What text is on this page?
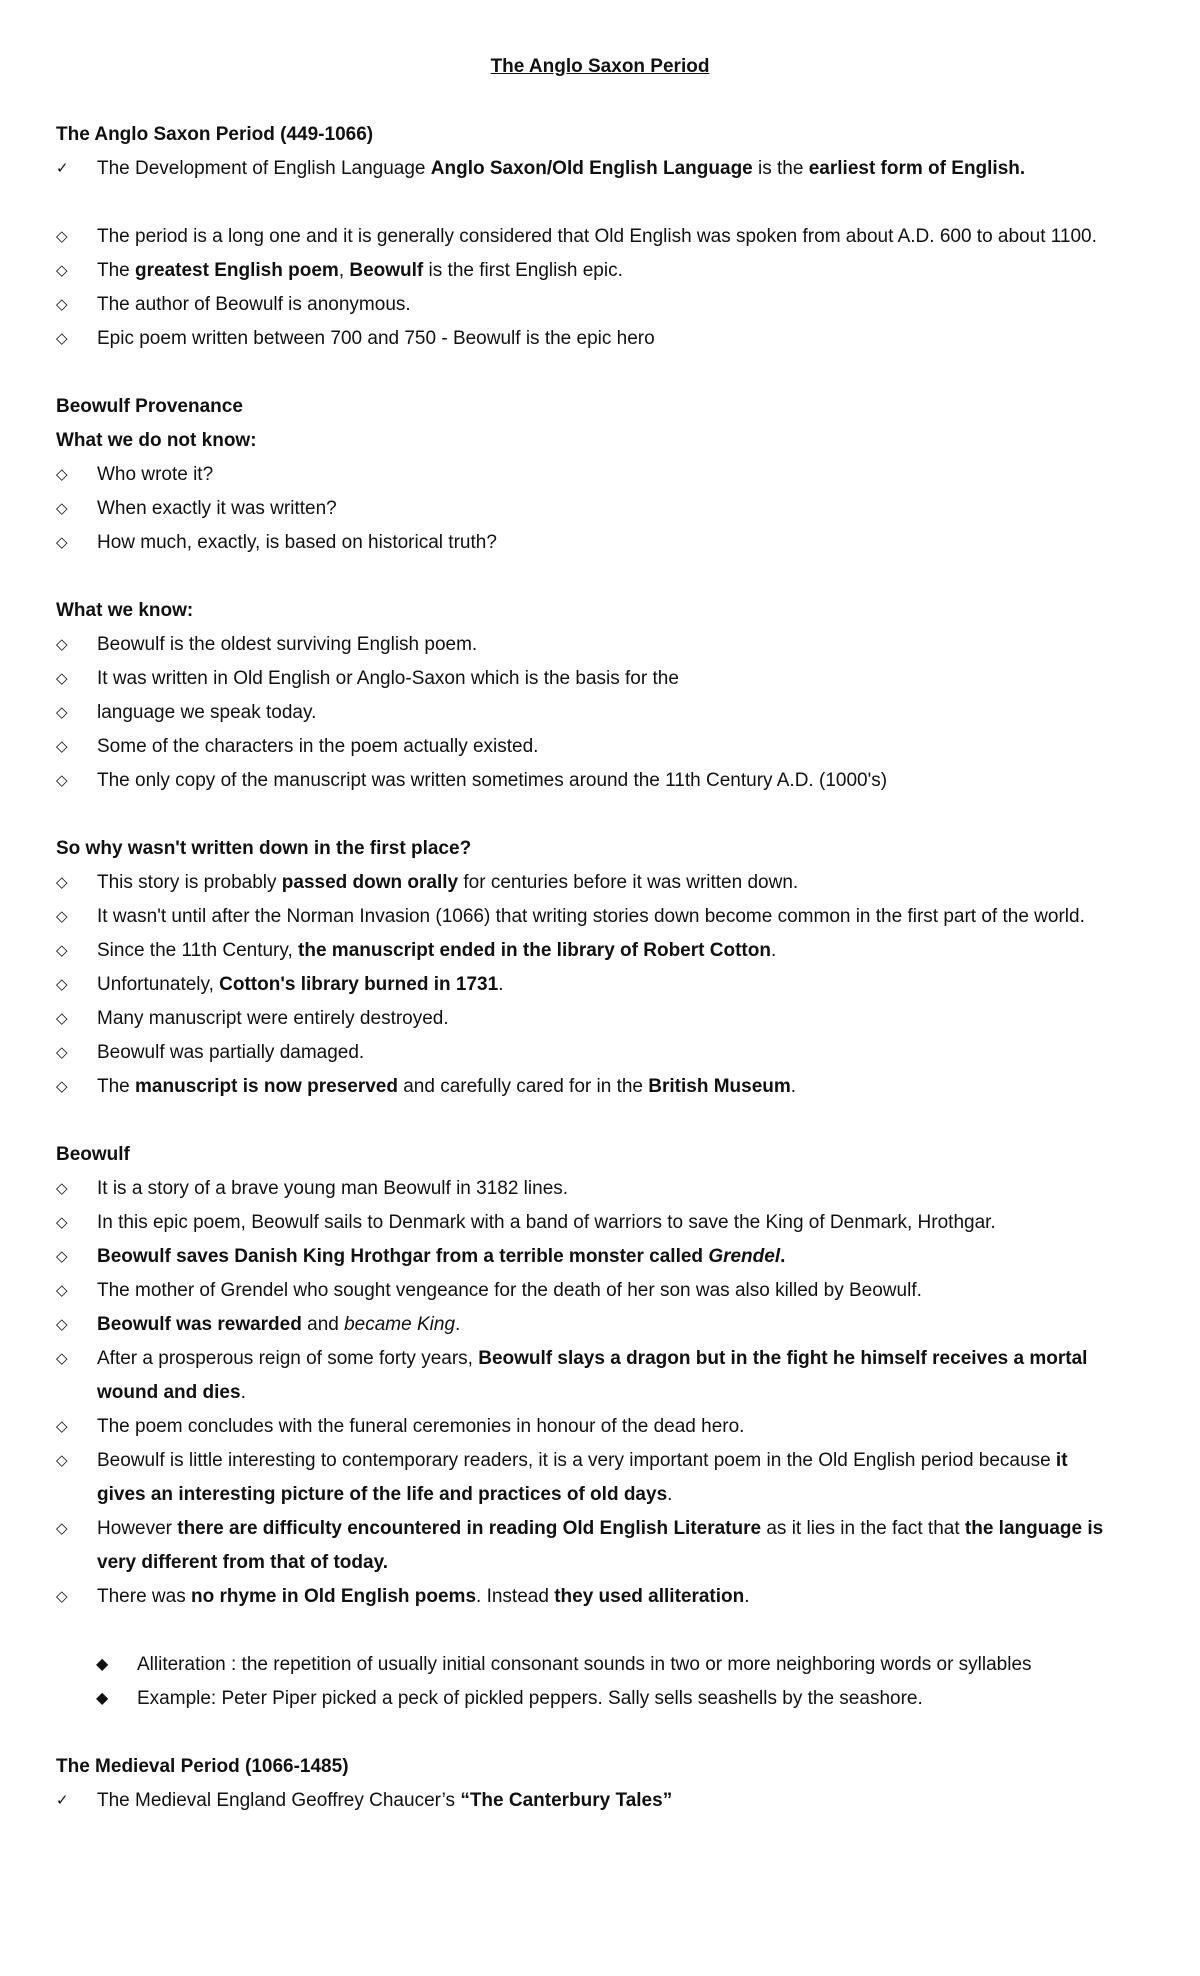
The Anglo Saxon Period
The Anglo Saxon Period (449-1066)
✓	The Development of English Language Anglo Saxon/Old English Language is the earliest form of English.
◇	The period is a long one and it is generally considered that Old English was spoken from about A.D. 600 to about 1100.
◇	The greatest English poem, Beowulf is the first English epic.
◇	The author of Beowulf is anonymous.
◇	Epic poem written between 700 and 750 - Beowulf is the epic hero
Beowulf Provenance
What we do not know:
◇	Who wrote it?
◇	When exactly it was written?
◇	How much, exactly, is based on historical truth?
What we know:
◇	Beowulf is the oldest surviving English poem.
◇	It was written in Old English or Anglo-Saxon which is the basis for the
◇	language we speak today.
◇	Some of the characters in the poem actually existed.
◇	The only copy of the manuscript was written sometimes around the 11th Century A.D. (1000's)
So why wasn't written down in the first place?
◇	This story is probably passed down orally for centuries before it was written down.
◇	It wasn't until after the Norman Invasion (1066) that writing stories down become common in the first part of the world.
◇	Since the 11th Century, the manuscript ended in the library of Robert Cotton.
◇	Unfortunately, Cotton's library burned in 1731.
◇	Many manuscript were entirely destroyed.
◇	Beowulf was partially damaged.
◇	The manuscript is now preserved and carefully cared for in the British Museum.
Beowulf
◇	It is a story of a brave young man Beowulf in 3182 lines.
◇	In this epic poem, Beowulf sails to Denmark with a band of warriors to save the King of Denmark, Hrothgar.
◇	Beowulf saves Danish King Hrothgar from a terrible monster called Grendel.
◇	The mother of Grendel who sought vengeance for the death of her son was also killed by Beowulf.
◇	Beowulf was rewarded and became King.
◇	After a prosperous reign of some forty years, Beowulf slays a dragon but in the fight he himself receives a mortal
wound and dies.
◇	The poem concludes with the funeral ceremonies in honour of the dead hero.
◇	Beowulf is little interesting to contemporary readers, it is a very important poem in the Old English period because it
gives an interesting picture of the life and practices of old days.
◇	However there are difficulty encountered in reading Old English Literature as it lies in the fact that the language is
very different from that of today.
◇	There was no rhyme in Old English poems. Instead they used alliteration.
◆	Alliteration : the repetition of usually initial consonant sounds in two or more neighboring words or syllables
◆	Example: Peter Piper picked a peck of pickled peppers. Sally sells seashells by the seashore.
The Medieval Period (1066-1485)
✓	The Medieval England Geoffrey Chaucer’s “The Canterbury Tales”
